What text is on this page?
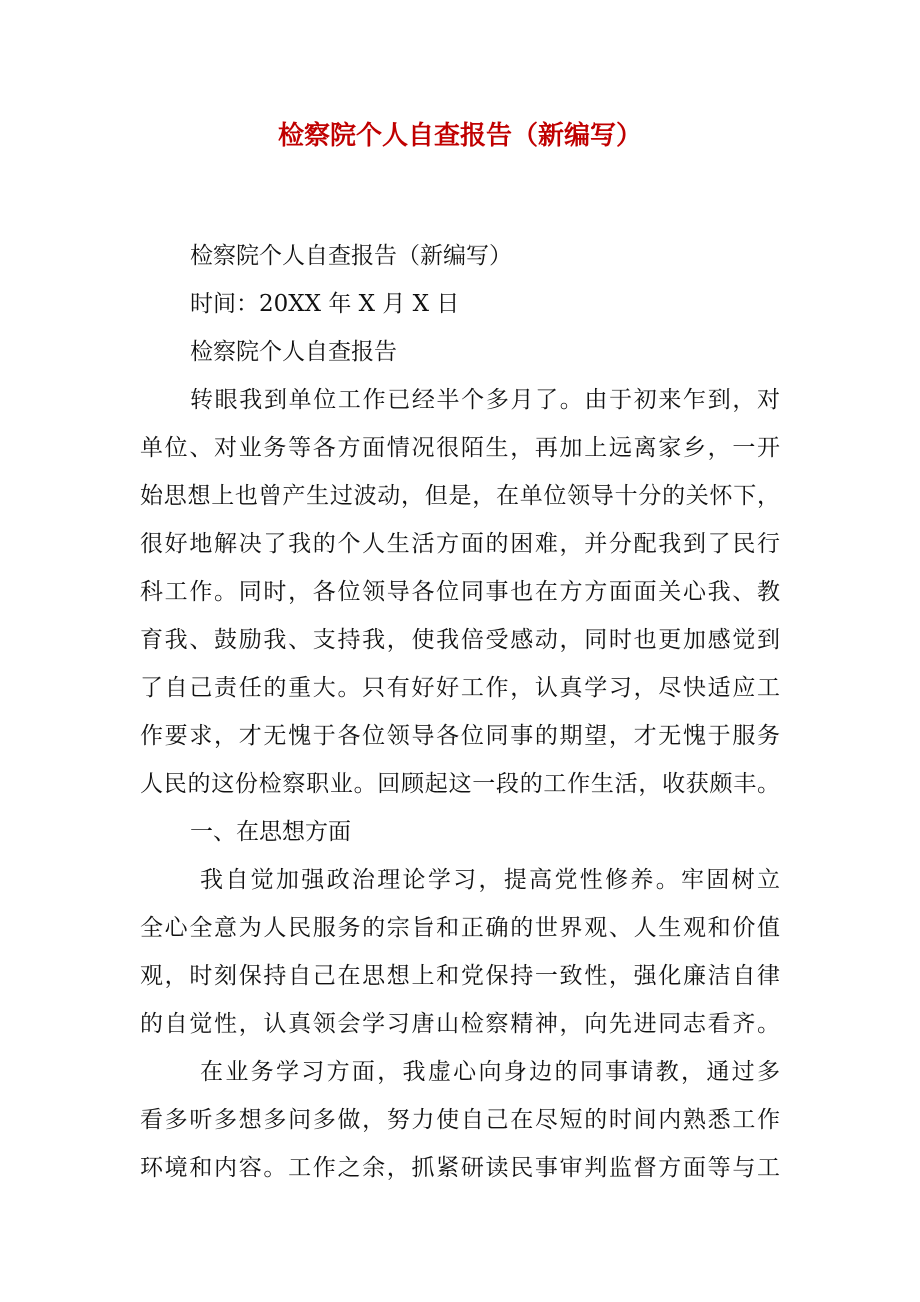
检察院个人自查报告（新编写）

检察院个人自查报告（新编写）

时间：20XX 年 X 月 X 日

检察院个人自查报告

转眼我到单位工作已经半个多月了。由于初来乍到，对

单位、对业务等各方面情况很陌生，再加上远离家乡，一开

始思想上也曾产生过波动，但是，在单位领导十分的关怀下，

很好地解决了我的个人生活方面的困难，并分配我到了民行

科工作。同时，各位领导各位同事也在方方面面关心我、教

育我、鼓励我、支持我，使我倍受感动，同时也更加感觉到

了自己责任的重大。只有好好工作，认真学习，尽快适应工

作要求，才无愧于各位领导各位同事的期望，才无愧于服务

人民的这份检察职业。回顾起这一段的工作生活，收获颇丰。

一、在思想方面

我自觉加强政治理论学习，提高党性修养。牢固树立

全心全意为人民服务的宗旨和正确的世界观、人生观和价值

观，时刻保持自己在思想上和党保持一致性，强化廉洁自律

的自觉性，认真领会学习唐山检察精神，向先进同志看齐。

在业务学习方面，我虚心向身边的同事请教，通过多

看多听多想多问多做，努力使自己在尽短的时间内熟悉工作

环境和内容。工作之余，抓紧研读民事审判监督方面等与工
